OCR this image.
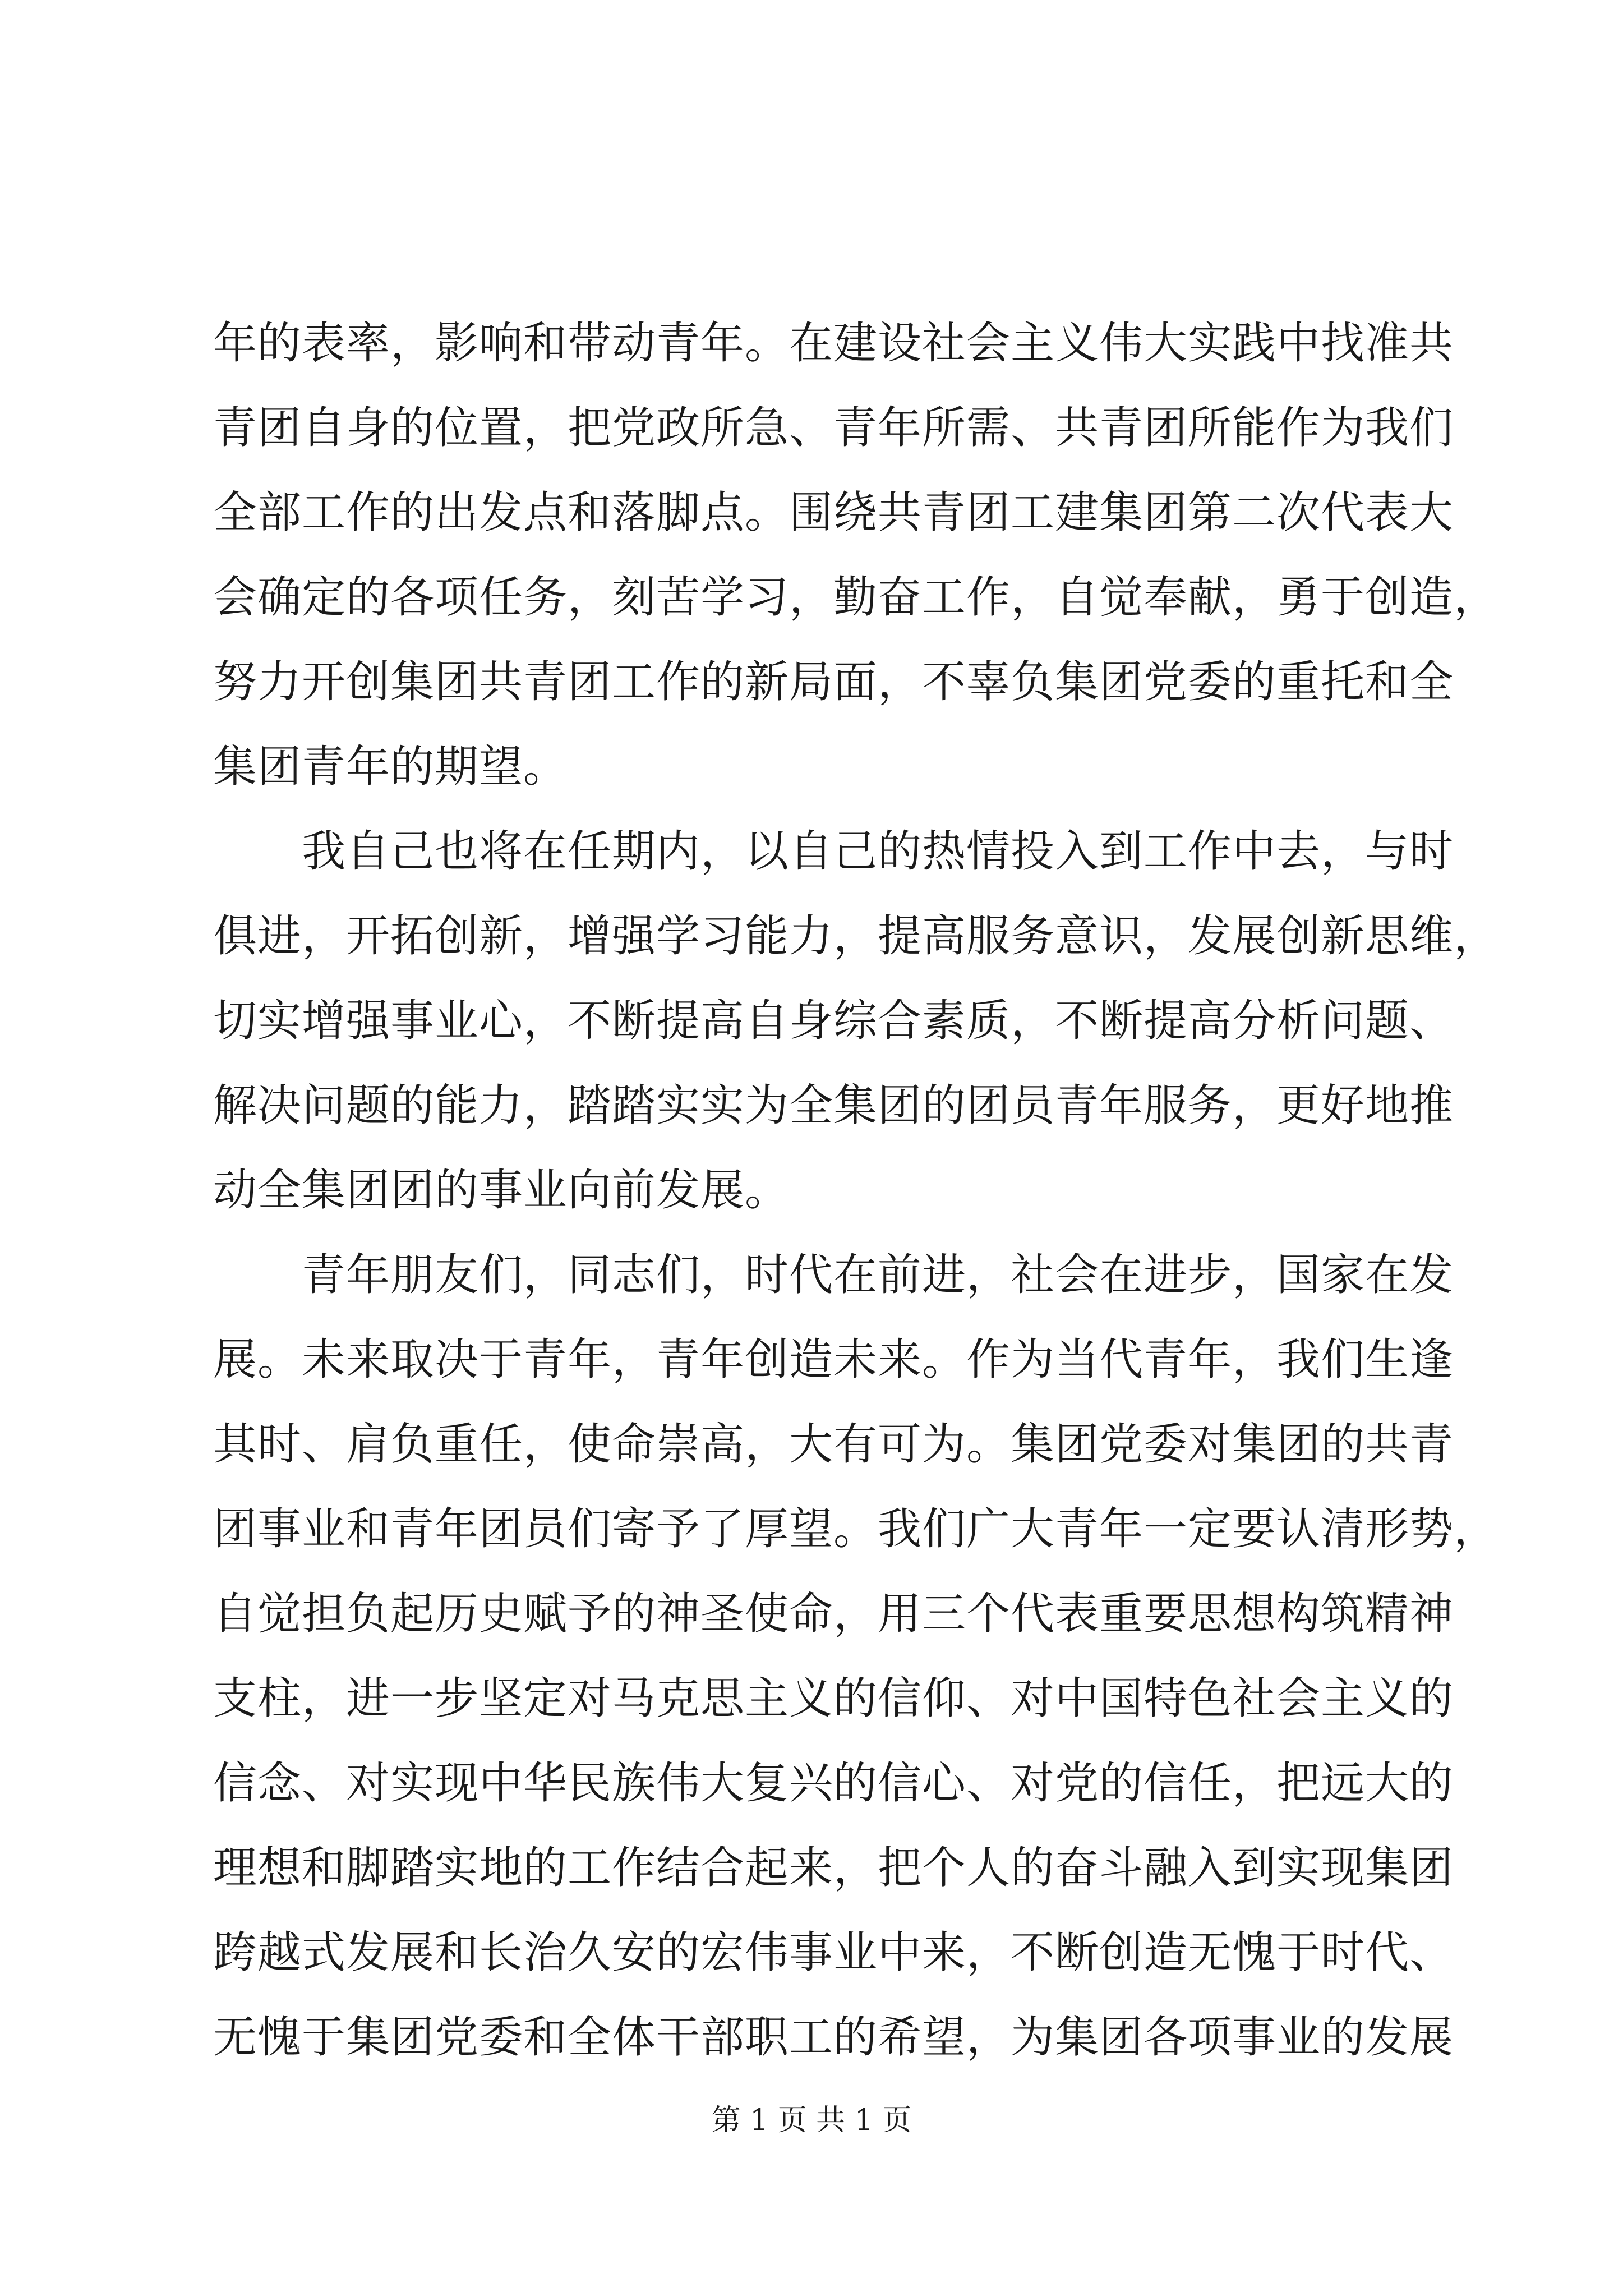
年的表率，影响和带动青年。在建设社会主义伟大实践中找准共
青团自身的位置，把党政所急、青年所需、共青团所能作为我们
全部工作的出发点和落脚点。围绕共青团工建集团第二次代表大
会确定的各项任务，刻苦学习，勤奋工作，自觉奉献，勇于创造，
努力开创集团共青团工作的新局面，不辜负集团党委的重托和全
集团青年的期望。
我自己也将在任期内，以自己的热情投入到工作中去，与时
俱进，开拓创新，增强学习能力，提高服务意识，发展创新思维，
切实增强事业心，不断提高自身综合素质，不断提高分析问题、
解决问题的能力，踏踏实实为全集团的团员青年服务，更好地推
动全集团团的事业向前发展。
青年朋友们，同志们，时代在前进，社会在进步，国家在发
展。未来取决于青年，青年创造未来。作为当代青年，我们生逢
其时、肩负重任，使命崇高，大有可为。集团党委对集团的共青
团事业和青年团员们寄予了厚望。我们广大青年一定要认清形势，
自觉担负起历史赋予的神圣使命，用三个代表重要思想构筑精神
支柱，进一步坚定对马克思主义的信仰、对中国特色社会主义的
信念、对实现中华民族伟大复兴的信心、对党的信任，把远大的
理想和脚踏实地的工作结合起来，把个人的奋斗融入到实现集团
跨越式发展和长治久安的宏伟事业中来，不断创造无愧于时代、
无愧于集团党委和全体干部职工的希望，为集团各项事业的发展
第 1 页 共 1 页
